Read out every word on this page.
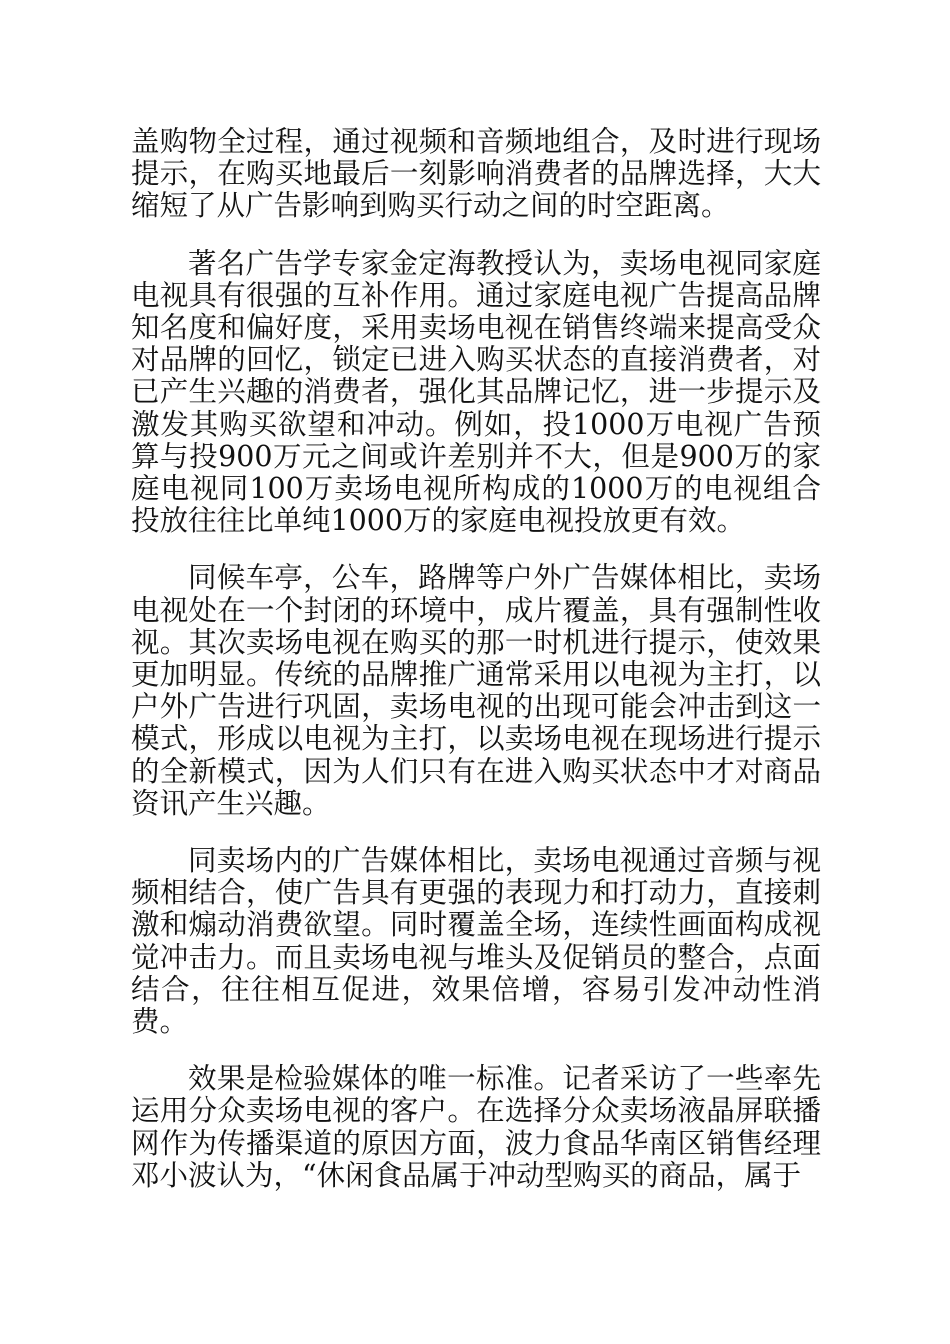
盖购物全过程，通过视频和音频地组合，及时进行现场提示，在购买地最后一刻影响消费者的品牌选择，大大缩短了从广告影响到购买行动之间的时空距离。

著名广告学专家金定海教授认为，卖场电视同家庭电视具有很强的互补作用。通过家庭电视广告提高品牌知名度和偏好度，采用卖场电视在销售终端来提高受众对品牌的回忆，锁定已进入购买状态的直接消费者，对已产生兴趣的消费者，强化其品牌记忆，进一步提示及激发其购买欲望和冲动。例如，投1000万电视广告预算与投900万元之间或许差别并不大，但是900万的家庭电视同100万卖场电视所构成的1000万的电视组合投放往往比单纯1000万的家庭电视投放更有效。

同候车亭，公车，路牌等户外广告媒体相比，卖场电视处在一个封闭的环境中，成片覆盖，具有强制性收视。其次卖场电视在购买的那一时机进行提示，使效果更加明显。传统的品牌推广通常采用以电视为主打，以户外广告进行巩固，卖场电视的出现可能会冲击到这一模式，形成以电视为主打，以卖场电视在现场进行提示的全新模式，因为人们只有在进入购买状态中才对商品资讯产生兴趣。

同卖场内的广告媒体相比，卖场电视通过音频与视频相结合，使广告具有更强的表现力和打动力，直接刺激和煽动消费欲望。同时覆盖全场，连续性画面构成视觉冲击力。而且卖场电视与堆头及促销员的整合，点面结合，往往相互促进，效果倍增，容易引发冲动性消费。

效果是检验媒体的唯一标准。记者采访了一些率先运用分众卖场电视的客户。在选择分众卖场液晶屏联播网作为传播渠道的原因方面，波力食品华南区销售经理邓小波认为，“休闲食品属于冲动型购买的商品，属于
